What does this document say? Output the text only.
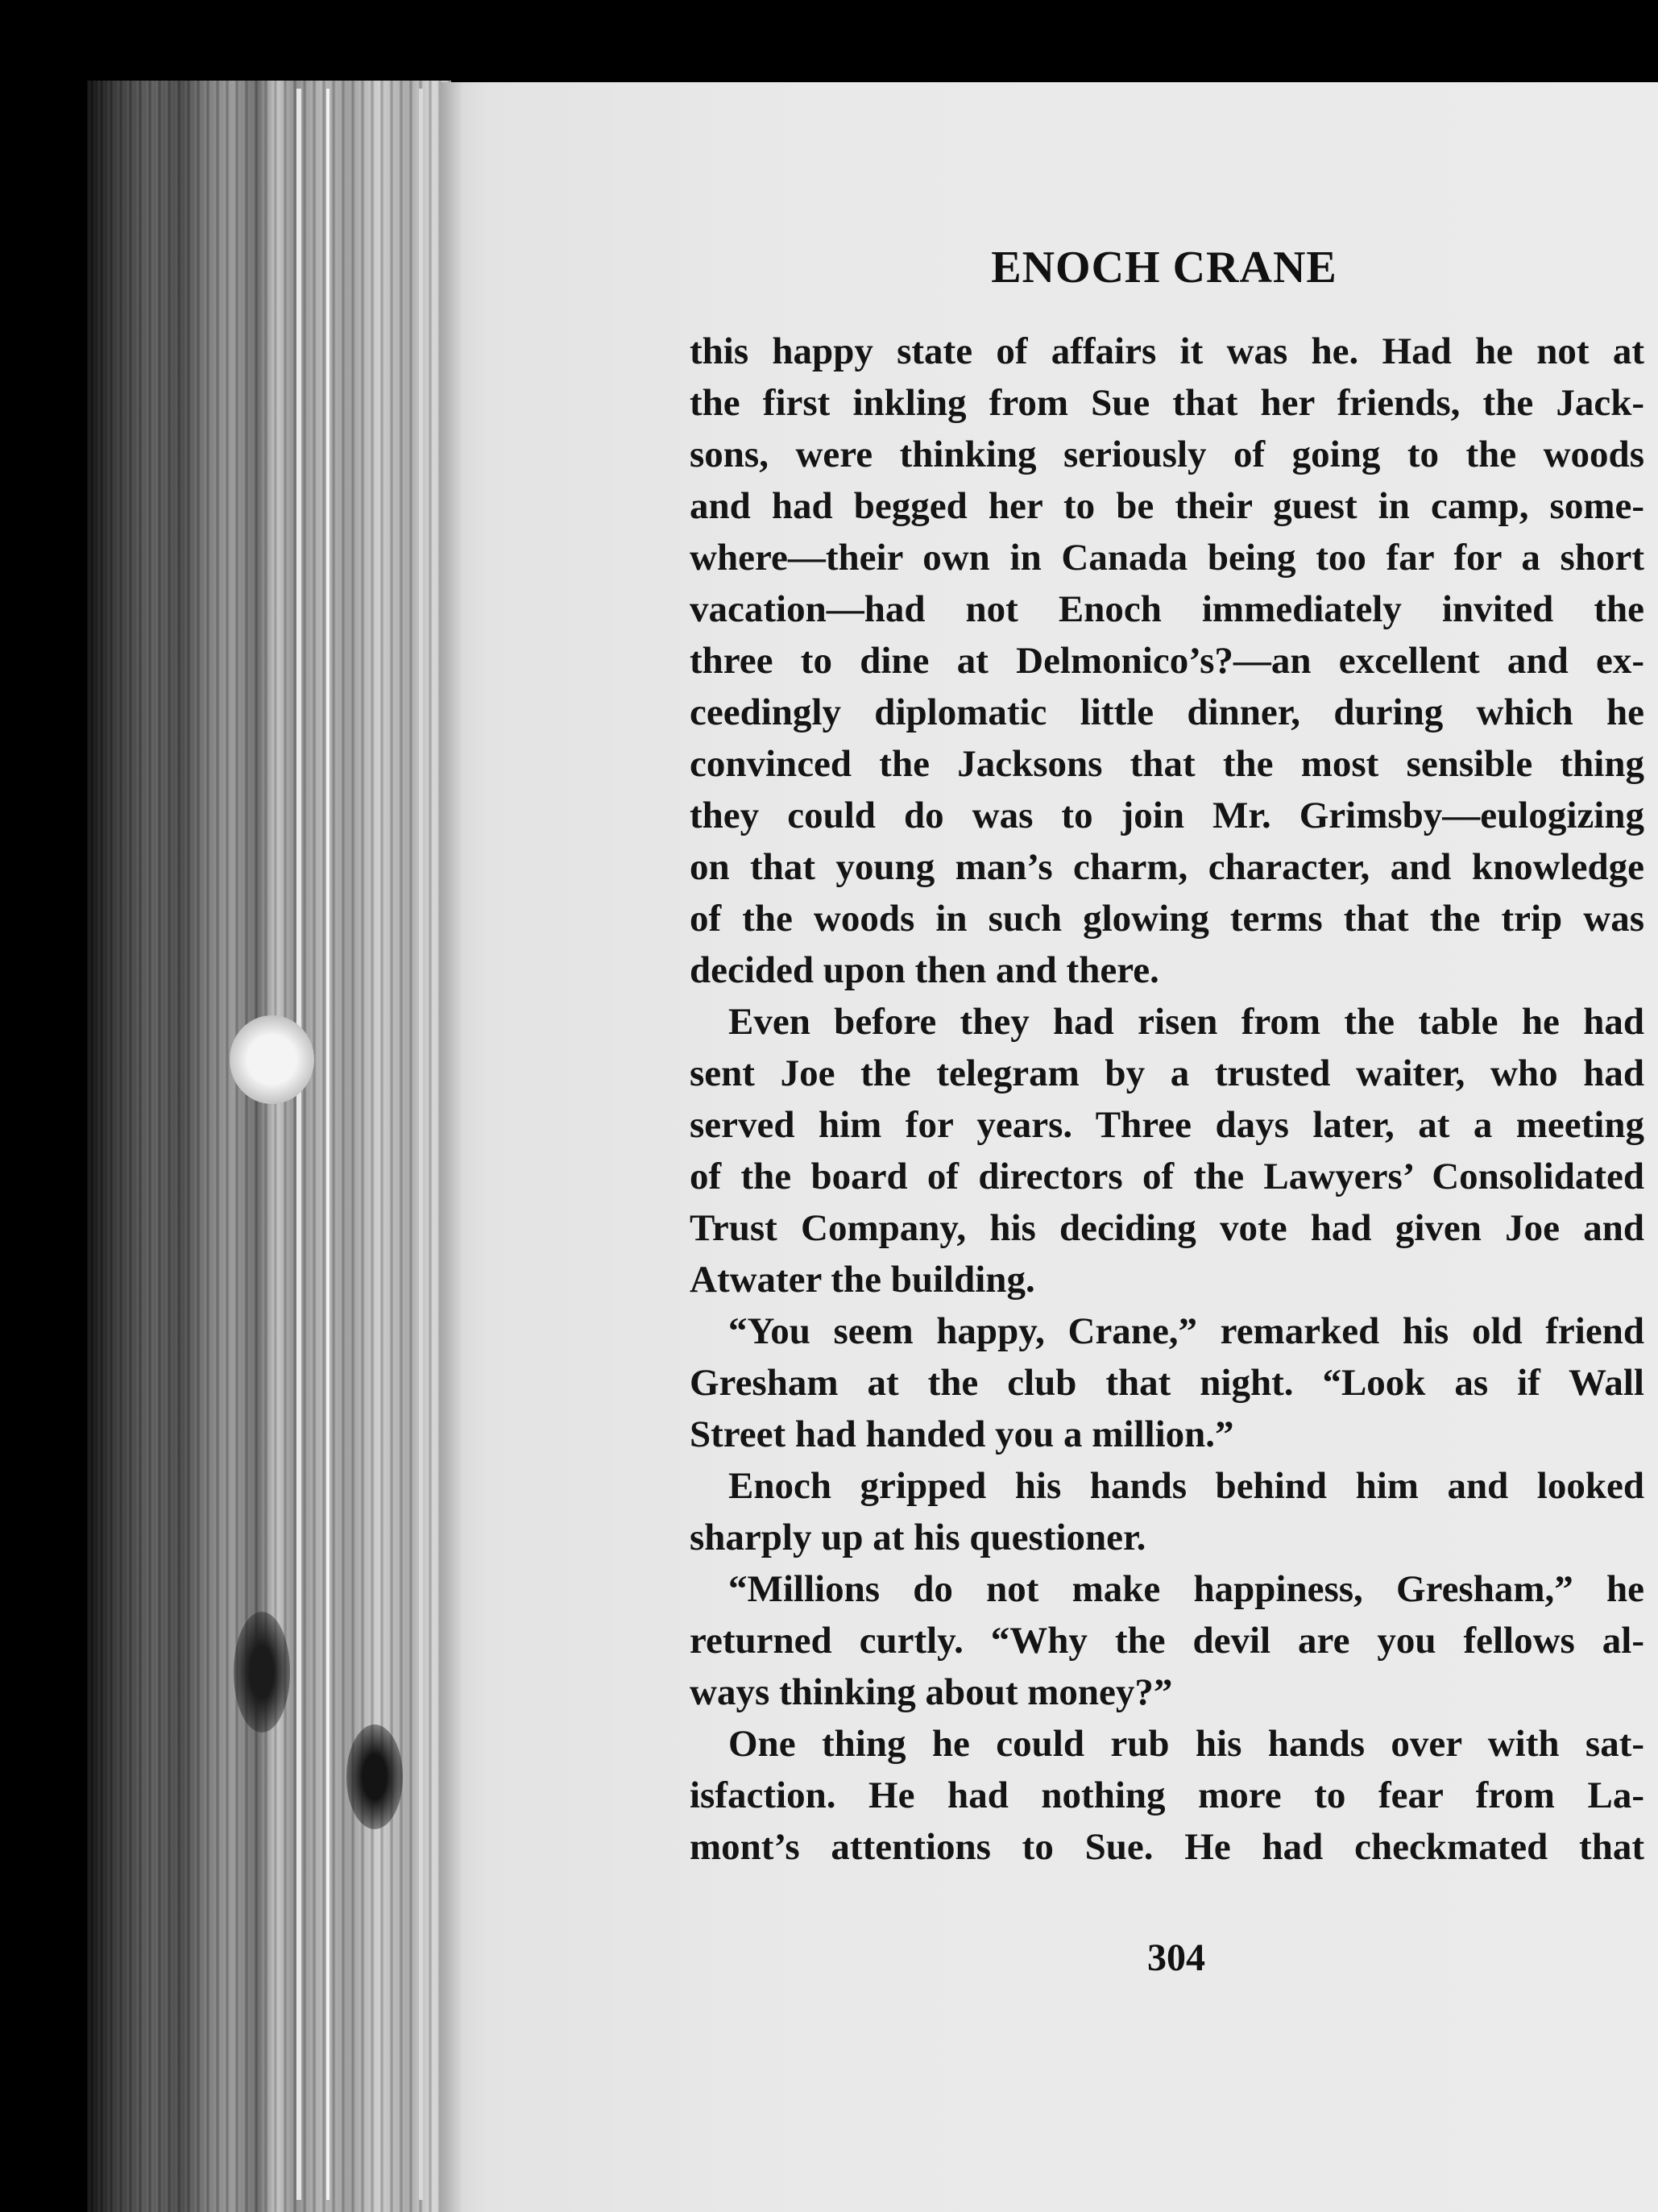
ENOCH CRANE
this happy state of affairs it was he. Had he not at
the first inkling from Sue that her friends, the Jack-
sons, were thinking seriously of going to the woods
and had begged her to be their guest in camp, some-
where—their own in Canada being too far for a short
vacation—had not Enoch immediately invited the
three to dine at Delmonico’s?—an excellent and ex-
ceedingly diplomatic little dinner, during which he
convinced the Jacksons that the most sensible thing
they could do was to join Mr. Grimsby—eulogizing
on that young man’s charm, character, and knowledge
of the woods in such glowing terms that the trip was
decided upon then and there.
Even before they had risen from the table he had
sent Joe the telegram by a trusted waiter, who had
served him for years. Three days later, at a meeting
of the board of directors of the Lawyers’ Consolidated
Trust Company, his deciding vote had given Joe and
Atwater the building.
“You seem happy, Crane,” remarked his old friend
Gresham at the club that night. “Look as if Wall
Street had handed you a million.”
Enoch gripped his hands behind him and looked
sharply up at his questioner.
“Millions do not make happiness, Gresham,” he
returned curtly. “Why the devil are you fellows al-
ways thinking about money?”
One thing he could rub his hands over with sat-
isfaction. He had nothing more to fear from La-
mont’s attentions to Sue. He had checkmated that
304
